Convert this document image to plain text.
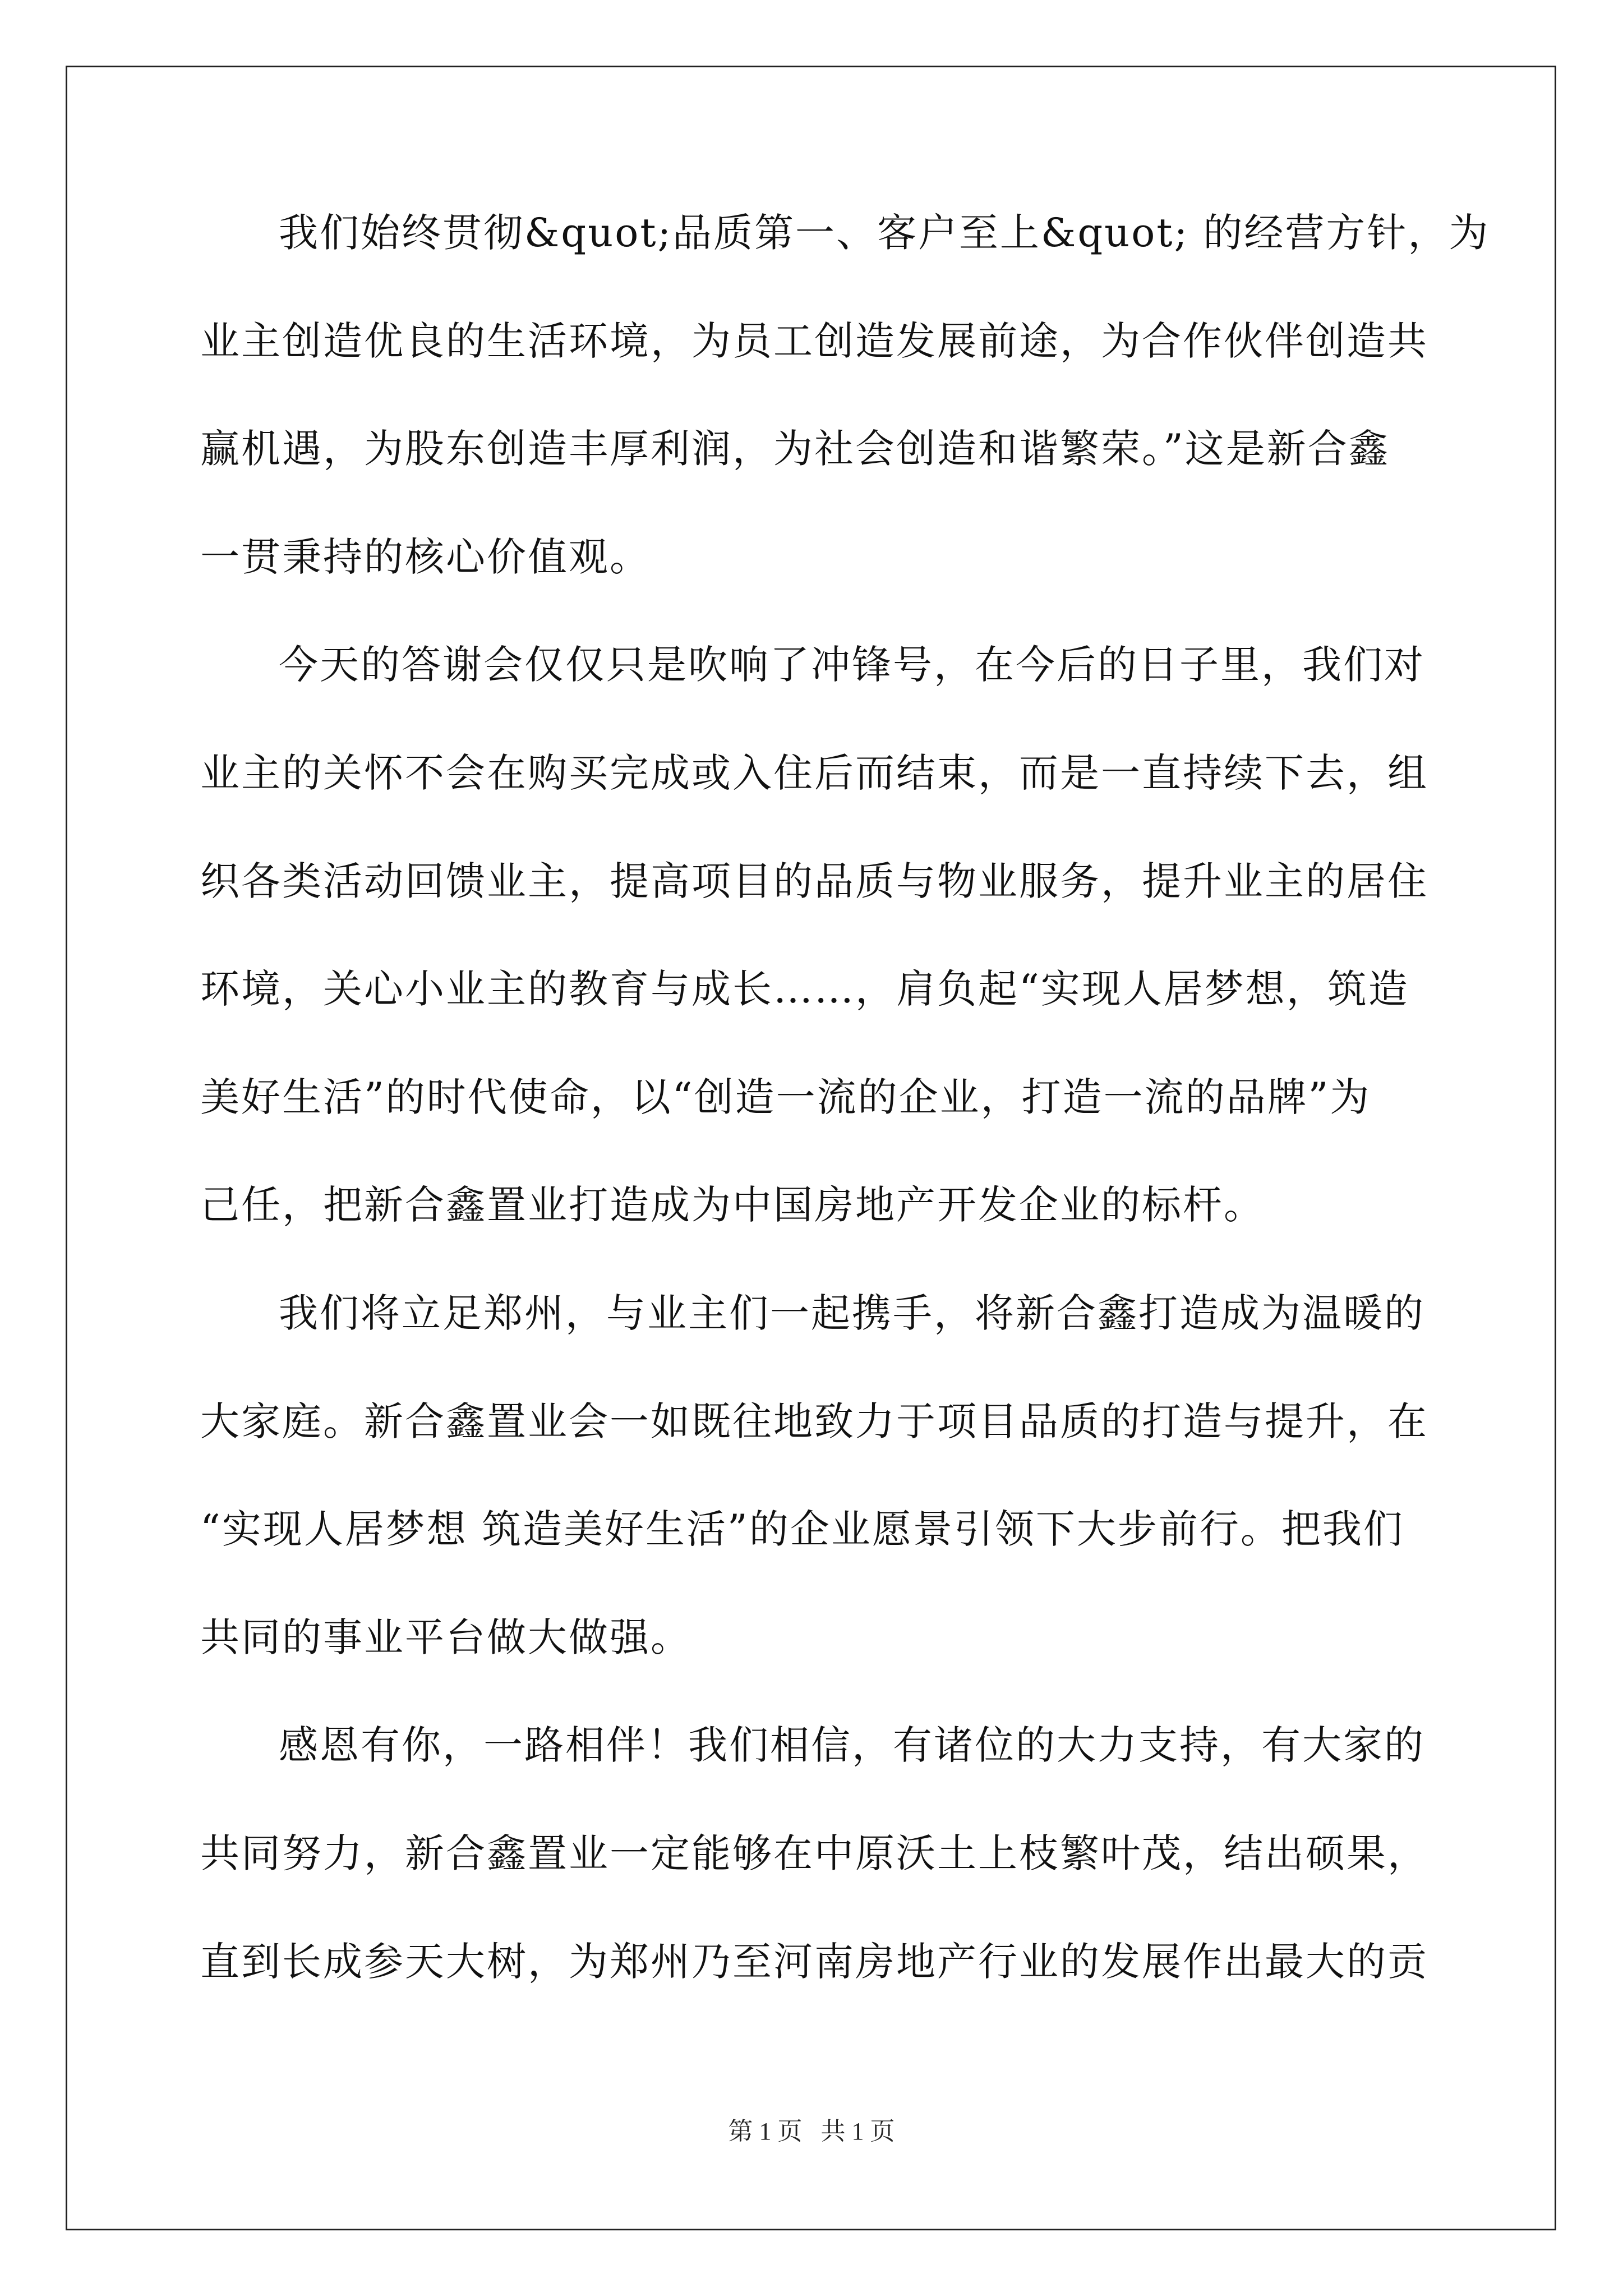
我们始终贯彻&quot;品质第一、客户至上&quot; 的经营方针，为
业主创造优良的生活环境，为员工创造发展前途，为合作伙伴创造共
赢机遇，为股东创造丰厚利润，为社会创造和谐繁荣。”这是新合鑫
一贯秉持的核心价值观。
今天的答谢会仅仅只是吹响了冲锋号，在今后的日子里，我们对
业主的关怀不会在购买完成或入住后而结束，而是一直持续下去，组
织各类活动回馈业主，提高项目的品质与物业服务，提升业主的居住
环境，关心小业主的教育与成长……，肩负起“实现人居梦想，筑造
美好生活”的时代使命，以“创造一流的企业，打造一流的品牌”为
己任，把新合鑫置业打造成为中国房地产开发企业的标杆。
我们将立足郑州，与业主们一起携手，将新合鑫打造成为温暖的
大家庭。新合鑫置业会一如既往地致力于项目品质的打造与提升，在
“实现人居梦想 筑造美好生活”的企业愿景引领下大步前行。把我们
共同的事业平台做大做强。
感恩有你，一路相伴！我们相信，有诸位的大力支持，有大家的
共同努力，新合鑫置业一定能够在中原沃土上枝繁叶茂，结出硕果，
直到长成参天大树，为郑州乃至河南房地产行业的发展作出最大的贡
第 1 页   共 1 页
